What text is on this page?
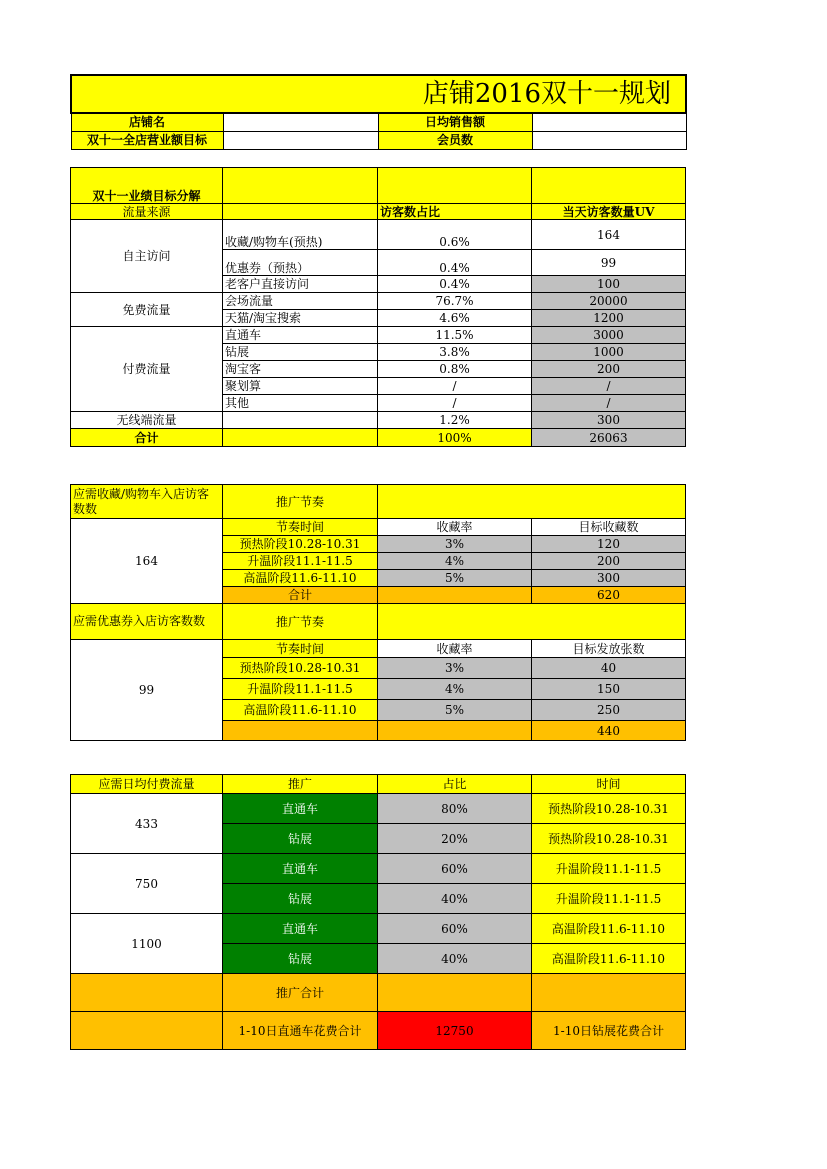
店铺2016双十一规划			
店铺名		日均销售额	
双十一全店营业额目标		会员数	
双十一业绩目标分解			
流量来源		访客数占比	当天访客数量UV
自主访问	收藏/购物车(预热)	0.6%	164
	优惠券（预热）	0.4%	99
	老客户直接访问	0.4%	100
免费流量	会场流量	76.7%	20000
	天猫/淘宝搜索	4.6%	1200
付费流量	直通车	11.5%	3000
	钻展	3.8%	1000
	淘宝客	0.8%	200
	聚划算	/	/
	其他	/	/
无线端流量		1.2%	300
合计		100%	26063
应需收藏/购物车入店访客数数	推广节奏		
164	节奏时间	收藏率	目标收藏数
	预热阶段10.28-10.31	3%	120
	升温阶段11.1-11.5	4%	200
	高温阶段11.6-11.10	5%	300
	合计		620
应需优惠券入店访客数数	推广节奏		
99	节奏时间	收藏率	目标发放张数
	预热阶段10.28-10.31	3%	40
	升温阶段11.1-11.5	4%	150
	高温阶段11.6-11.10	5%	250
			440
应需日均付费流量	推广	占比	时间
433	直通车	80%	预热阶段10.28-10.31
	钻展	20%	预热阶段10.28-10.31
750	直通车	60%	升温阶段11.1-11.5
	钻展	40%	升温阶段11.1-11.5
1100	直通车	60%	高温阶段11.6-11.10
	钻展	40%	高温阶段11.6-11.10
	推广合计		
	1-10日直通车花费合计	12750	1-10日钻展花费合计
